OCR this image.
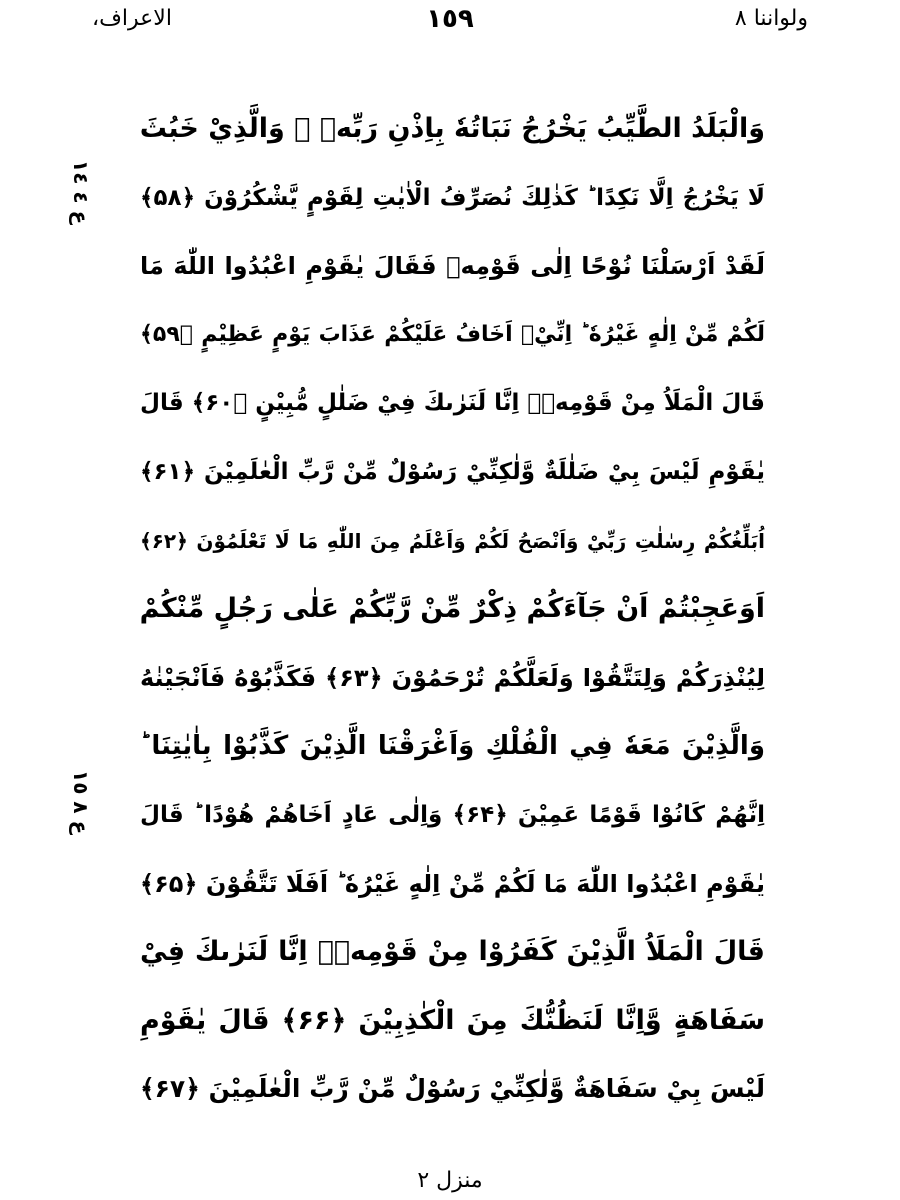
الاعراف،	١٥٩	ولواننا ٨
ع ٤ ١٤
ع ٨ ١٥
وَالْبَلَدُ الطَّيِّبُ يَخْرُجُ نَبَاتُهٗ بِاِذْنِ رَبِّهٖ ۚ وَالَّذِيْ خَبُثَ
لَا يَخْرُجُ اِلَّا نَكِدًا ؕ كَذٰلِكَ نُصَرِّفُ الْاٰيٰتِ لِقَوْمٍ يَّشْكُرُوْنَ ﴿۵۸﴾
لَقَدْ اَرْسَلْنَا نُوْحًا اِلٰى قَوْمِهٖ فَقَالَ يٰقَوْمِ اعْبُدُوا اللّٰهَ مَا
لَكُمْ مِّنْ اِلٰهٍ غَيْرُهٗ ؕ اِنِّيْۤ اَخَافُ عَلَيْكُمْ عَذَابَ يَوْمٍ عَظِيْمٍ ﴿۵۹﴾
قَالَ الْمَلَاُ مِنْ قَوْمِهٖۤ اِنَّا لَنَرٰىكَ فِيْ ضَلٰلٍ مُّبِيْنٍ ﴿۶۰﴾ قَالَ
يٰقَوْمِ لَيْسَ بِيْ ضَلٰلَةٌ وَّلٰكِنِّيْ رَسُوْلٌ مِّنْ رَّبِّ الْعٰلَمِيْنَ ﴿۶۱﴾
اُبَلِّغُكُمْ رِسٰلٰتِ رَبِّيْ وَاَنْصَحُ لَكُمْ وَاَعْلَمُ مِنَ اللّٰهِ مَا لَا تَعْلَمُوْنَ ﴿۶۲﴾
اَوَعَجِبْتُمْ اَنْ جَآءَكُمْ ذِكْرٌ مِّنْ رَّبِّكُمْ عَلٰى رَجُلٍ مِّنْكُمْ
لِيُنْذِرَكُمْ وَلِتَتَّقُوْا وَلَعَلَّكُمْ تُرْحَمُوْنَ ﴿۶۳﴾ فَكَذَّبُوْهُ فَاَنْجَيْنٰهُ
وَالَّذِيْنَ مَعَهٗ فِي الْفُلْكِ وَاَغْرَقْنَا الَّذِيْنَ كَذَّبُوْا بِاٰيٰتِنَا ؕ
اِنَّهُمْ كَانُوْا قَوْمًا عَمِيْنَ ﴿۶۴﴾ وَاِلٰى عَادٍ اَخَاهُمْ هُوْدًا ؕ قَالَ
يٰقَوْمِ اعْبُدُوا اللّٰهَ مَا لَكُمْ مِّنْ اِلٰهٍ غَيْرُهٗ ؕ اَفَلَا تَتَّقُوْنَ ﴿۶۵﴾
قَالَ الْمَلَاُ الَّذِيْنَ كَفَرُوْا مِنْ قَوْمِهٖۤ اِنَّا لَنَرٰىكَ فِيْ
سَفَاهَةٍ وَّاِنَّا لَنَظُنُّكَ مِنَ الْكٰذِبِيْنَ ﴿۶۶﴾ قَالَ يٰقَوْمِ
لَيْسَ بِيْ سَفَاهَةٌ وَّلٰكِنِّيْ رَسُوْلٌ مِّنْ رَّبِّ الْعٰلَمِيْنَ ﴿۶۷﴾
منزل ٢
